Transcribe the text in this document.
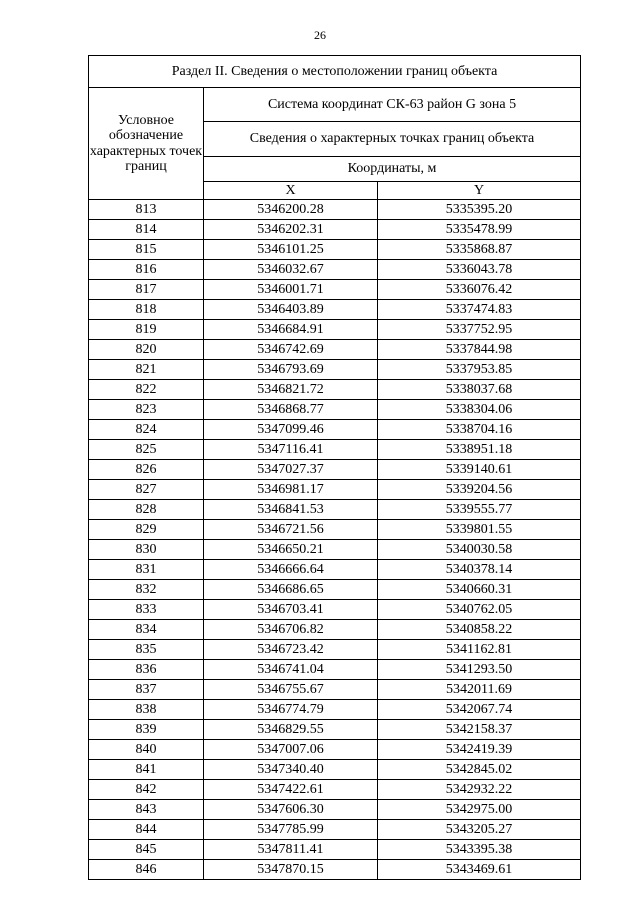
26
Раздел II. Сведения о местоположении границ объекта		
Условное обозначение характерных точек границ	Система координат СК-63 район G зона 5	
	Сведения о характерных точках границ объекта	
	Координаты, м	
	X	Y
813	5346200.28	5335395.20
814	5346202.31	5335478.99
815	5346101.25	5335868.87
816	5346032.67	5336043.78
817	5346001.71	5336076.42
818	5346403.89	5337474.83
819	5346684.91	5337752.95
820	5346742.69	5337844.98
821	5346793.69	5337953.85
822	5346821.72	5338037.68
823	5346868.77	5338304.06
824	5347099.46	5338704.16
825	5347116.41	5338951.18
826	5347027.37	5339140.61
827	5346981.17	5339204.56
828	5346841.53	5339555.77
829	5346721.56	5339801.55
830	5346650.21	5340030.58
831	5346666.64	5340378.14
832	5346686.65	5340660.31
833	5346703.41	5340762.05
834	5346706.82	5340858.22
835	5346723.42	5341162.81
836	5346741.04	5341293.50
837	5346755.67	5342011.69
838	5346774.79	5342067.74
839	5346829.55	5342158.37
840	5347007.06	5342419.39
841	5347340.40	5342845.02
842	5347422.61	5342932.22
843	5347606.30	5342975.00
844	5347785.99	5343205.27
845	5347811.41	5343395.38
846	5347870.15	5343469.61
